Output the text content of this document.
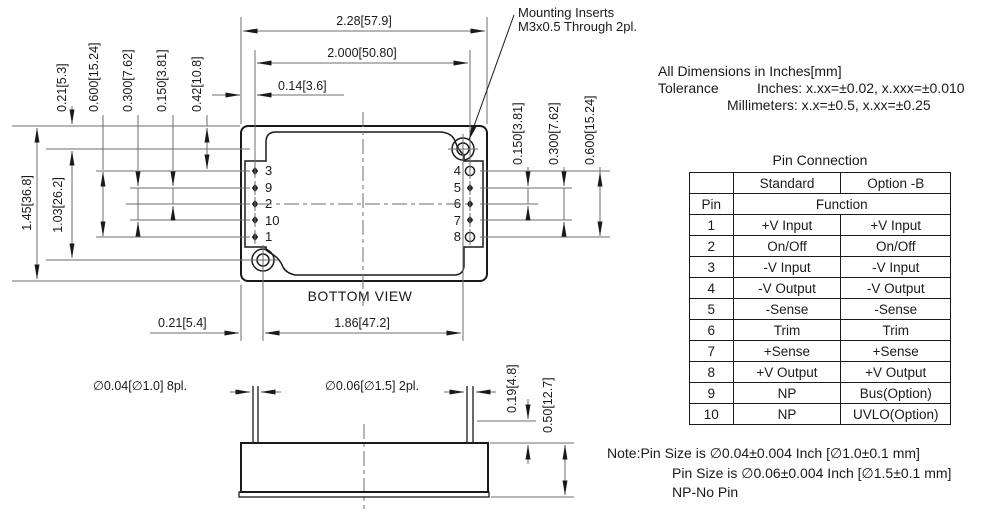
3
9
2
10
1
4
5
6
7
8
Mounting Inserts
M3x0.5 Through 2pl.
2.28[57.9]
2.000[50.80]
0.14[3.6]
0.21[5.3] 0.600[15.24] 0.300[7.62] 0.150[3.81] 0.42[10.8]
1.45[36.8] 1.03[26.2]
0.150[3.81] 0.300[7.62] 0.600[15.24]
0.21[5.4]	1.86[47.2]
BOTTOM VIEW
∅0.04[∅1.0] 8pl.	∅0.06[∅1.5] 2pl.	0.19[4.8] 0.50[12.7]
All Dimensions in Inches[mm]
Tolerance	Inches: x.xx=±0.02, x.xxx=±0.010
Millimeters: x.x=±0.5, x.xx=±0.25
Pin Connection
	Standard	Option -B
Pin	Function	
1	+V Input	+V Input
2	On/Off	On/Off
3	-V Input	-V Input
4	-V Output	-V Output
5	-Sense	-Sense
6	Trim	Trim
7	+Sense	+Sense
8	+V Output	+V Output
9	NP	Bus(Option)
10	NP	UVLO(Option)
Note:Pin Size is ∅0.04±0.004 Inch [∅1.0±0.1 mm]
Pin Size is ∅0.06±0.004 Inch [∅1.5±0.1 mm]
NP-No Pin
